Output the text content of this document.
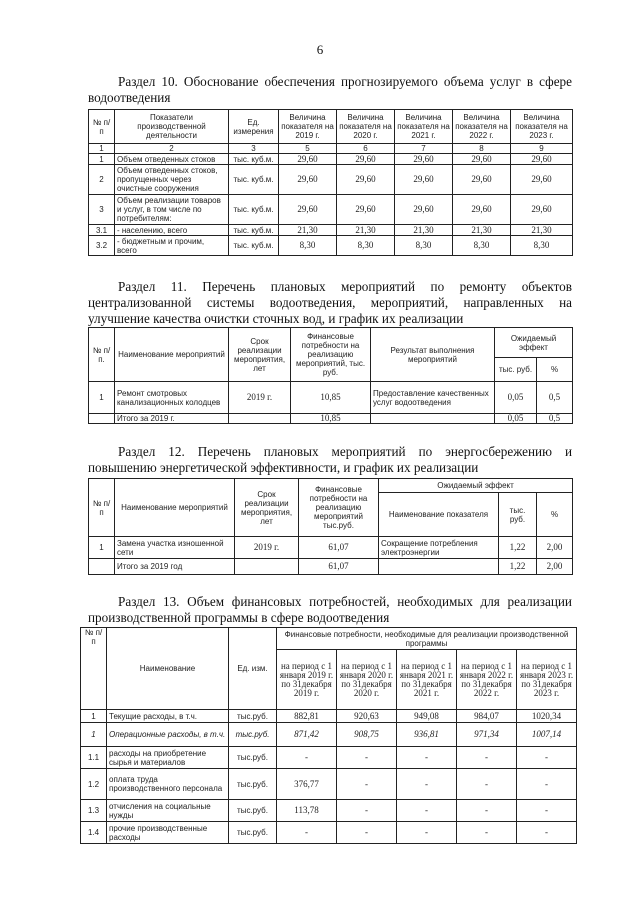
6
Раздел 10. Обоснование обеспечения прогнозируемого объема услуг в сфере водоотведения
№ п/п	Показатели производственной деятельности	Ед. измерения	Величина показателя на 2019 г.	Величина показателя на 2020 г.	Величина показателя на 2021 г.	Величина показателя на 2022 г.	Величина показателя на 2023 г.
1	2	3	5	6	7	8	9
1	Объем отведенных стоков	тыс. куб.м.	29,60	29,60	29,60	29,60	29,60
2	Объем отведенных стоков, пропущенных через очистные сооружения	тыс. куб.м.	29,60	29,60	29,60	29,60	29,60
3	Объем реализации товаров и услуг, в том числе по потребителям:	тыс. куб.м.	29,60	29,60	29,60	29,60	29,60
3.1	- населению, всего	тыс. куб.м.	21,30	21,30	21,30	21,30	21,30
3.2	- бюджетным и прочим, всего	тыс. куб.м.	8,30	8,30	8,30	8,30	8,30
Раздел 11. Перечень плановых мероприятий по ремонту объектов централизованной системы водоотведения, мероприятий, направленных на улучшение качества очистки сточных вод, и график их реализации
№ п/п.	Наименование мероприятий	Срок реализации мероприятия, лет	Финансовые потребности на реализацию мероприятий, тыс. руб.	Результат выполнения мероприятий	Ожидаемый эффект	
					тыс. руб.	%
1	Ремонт смотровых канализационных колодцев	2019 г.	10,85	Предоставление качественных услуг водоотведения	0,05	0,5
	Итого за 2019 г.		10,85		0,05	0,5
Раздел 12. Перечень плановых мероприятий по энергосбережению и повышению энергетической эффективности, и график их реализации
№ п/п	Наименование мероприятий	Срок реализации мероприятия, лет	Финансовые потребности на реализацию мероприятий тыс.руб.	Ожидаемый эффект		
				Наименование показателя	тыс. руб.	%
1	Замена участка изношенной сети	2019 г.	61,07	Сокращение потребления электроэнергии	1,22	2,00
	Итого за 2019 год		61,07		1,22	2,00
Раздел 13. Объем финансовых потребностей, необходимых для реализации производственной программы в сфере водоотведения
№ п/п	Наименование	Ед. изм.	Финансовые потребности, необходимые для реализации производственной программы				
			на период с 1 января 2019 г. по 31декабря 2019 г.	на период с 1 января 2020 г. по 31декабря 2020 г.	на период с 1 января 2021 г. по 31декабря 2021 г.	на период с 1 января 2022 г. по 31декабря 2022 г.	на период с 1 января 2023 г. по 31декабря 2023 г.
1	Текущие расходы, в т.ч.	тыс.руб.	882,81	920,63	949,08	984,07	1020,34
1	Операционные расходы, в т.ч.	тыс.руб.	871,42	908,75	936,81	971,34	1007,14
1.1	расходы на приобретение сырья и материалов	тыс.руб.	-	-	-	-	-
1.2	оплата труда производственного персонала	тыс.руб.	376,77	-	-	-	-
1.3	отчисления на социальные нужды	тыс.руб.	113,78	-	-	-	-
1.4	прочие производственные расходы	тыс.руб.	-	-	-	-	-
